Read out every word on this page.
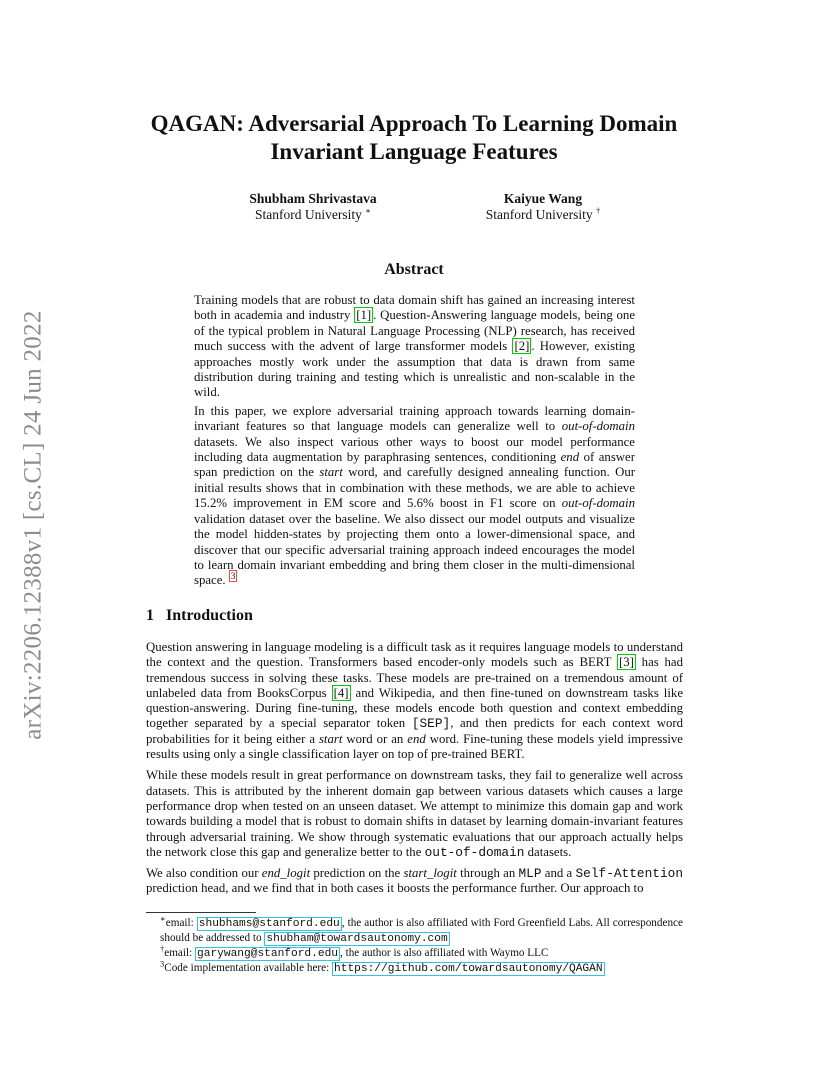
arXiv:2206.12388v1 [cs.CL] 24 Jun 2022
QAGAN: Adversarial Approach To Learning Domain
Invariant Language Features
Shubham Shrivastava
Stanford University ∗
Kaiyue Wang
Stanford University †
Abstract

Training models that are robust to data domain shift has gained an increasing interest both in academia and industry [1] . Question-Answering language models, being one of the typical problem in Natural Language Processing (NLP) research, has received much success with the advent of large transformer models [2] . However, existing approaches mostly work under the assumption that data is drawn from same distribution during training and testing which is unrealistic and non-scalable in the wild.

In this paper, we explore adversarial training approach towards learning domain-invariant features so that language models can generalize well to out-of-domain datasets. We also inspect various other ways to boost our model performance including data augmentation by paraphrasing sentences, conditioning end of answer span prediction on the start word, and carefully designed annealing function. Our initial results shows that in combination with these methods, we are able to achieve 15.2% improvement in EM score and 5.6% boost in F1 score on out-of-domain validation dataset over the baseline. We also dissect our model outputs and visualize the model hidden-states by projecting them onto a lower-dimensional space, and discover that our specific adversarial training approach indeed encourages the model to learn domain invariant embedding and bring them closer in the multi-dimensional space. $^3$

1 Introduction

Question answering in language modeling is a difficult task as it requires language models to understand the context and the question. Transformers based encoder-only models such as BERT [3] has had tremendous success in solving these tasks. These models are pre-trained on a tremendous amount of unlabeled data from BooksCorpus [4] and Wikipedia, and then fine-tuned on downstream tasks like question-answering. During fine-tuning, these models encode both question and context embedding together separated by a special separator token [SEP], and then predicts for each context word probabilities for it being either a start word or an end word. Fine-tuning these models yield impressive results using only a single classification layer on top of pre-trained BERT.

While these models result in great performance on downstream tasks, they fail to generalize well across datasets. This is attributed by the inherent domain gap between various datasets which causes a large performance drop when tested on an unseen dataset. We attempt to minimize this domain gap and work towards building a model that is robust to domain shifts in dataset by learning domain-invariant features through adversarial training. We show through systematic evaluations that our approach actually helps the network close this gap and generalize better to the out-of-domain datasets.

We also condition our end_logit prediction on the start_logit through an MLP and a Self-Attention prediction head, and we find that in both cases it boosts the performance further. Our approach to

∗email: shubhams@stanford.edu , the author is also affiliated with Ford Greenfield Labs. All correspondence should be addressed to shubham@towardsautonomy.com

†email: garywang@stanford.edu , the author is also affiliated with Waymo LLC

$^3$Code implementation available here: https://github.com/towardsautonomy/QAGAN
